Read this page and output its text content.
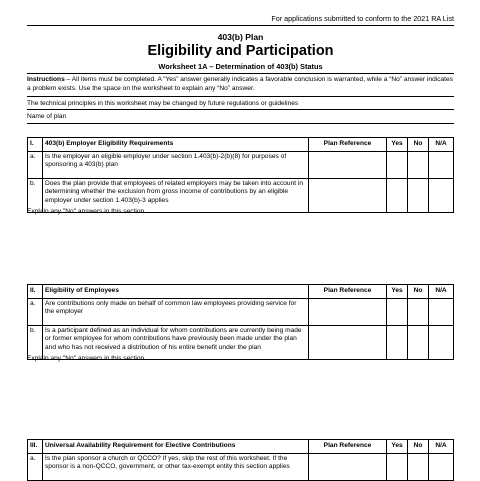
For applications submitted to conform to the 2021 RA List
403(b) Plan
Eligibility and Participation
Worksheet 1A – Determination of 403(b) Status
Instructions – All items must be completed. A “Yes” answer generally indicates a favorable conclusion is warranted, while a “No” answer indicates a problem exists. Use the space on the worksheet to explain any “No” answer.
The technical principles in this worksheet may be changed by future regulations or guidelines
Name of plan
I.	403(b) Employer Eligibility Requirements	Plan Reference	Yes	No	N/A
a.	Is the employer an eligible employer under section 1.403(b)-2(b)(8) for purposes of sponsoring a 403(b) plan				
b.	Does the plan provide that employees of related employers may be taken into account in determining whether the exclusion from gross income of contributions by an eligible employer under section 1.403(b)-3 applies				
Explain any "No" answers in this section
II.	Eligibility of Employees	Plan Reference	Yes	No	N/A
a.	Are contributions only made on behalf of common law employees providing service for the employer				
b.	Is a participant defined as an individual for whom contributions are currently being made or former employee for whom contributions have previously been made under the plan and who has not received a distribution of his entire benefit under the plan				
Explain any "No" answers in this section
III.	Universal Availability Requirement for Elective Contributions	Plan Reference	Yes	No	N/A
a.	Is the plan sponsor a church or QCCO? If yes, skip the rest of this worksheet. If the sponsor is a non-QCCO, government, or other tax-exempt entity this section applies				
